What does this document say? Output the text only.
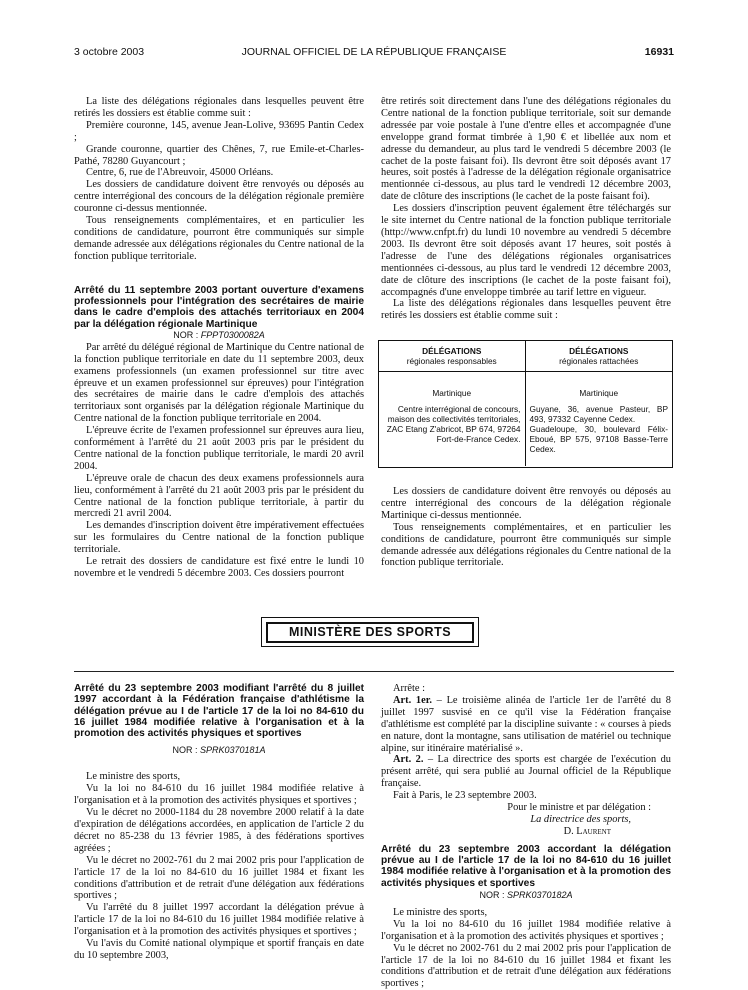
3 octobre 2003	JOURNAL OFFICIEL DE LA RÉPUBLIQUE FRANÇAISE	16931

La liste des délégations régionales dans lesquelles peuvent être retirés les dossiers est établie comme suit :

Première couronne, 145, avenue Jean-Lolive, 93695 Pantin Cedex ;

Grande couronne, quartier des Chênes, 7, rue Emile-et-Charles-Pathé, 78280 Guyancourt ;

Centre, 6, rue de l'Abreuvoir, 45000 Orléans.

Les dossiers de candidature doivent être renvoyés ou déposés au centre interrégional des concours de la délégation régionale première couronne ci-dessus mentionnée.

Tous renseignements complémentaires, et en particulier les conditions de candidature, pourront être communiqués sur simple demande adressée aux délégations régionales du Centre national de la fonction publique territoriale.

Arrêté du 11 septembre 2003 portant ouverture d'examens professionnels pour l'intégration des secrétaires de mairie dans le cadre d'emplois des attachés territoriaux en 2004 par la délégation régionale Martinique

NOR : FPPT0300082A

Par arrêté du délégué régional de Martinique du Centre national de la fonction publique territoriale en date du 11 septembre 2003, deux examens professionnels (un examen professionnel sur titre avec épreuve et un examen professionnel sur épreuves) pour l'intégration des secrétaires de mairie dans le cadre d'emplois des attachés territoriaux sont organisés par la délégation régionale Martinique du Centre national de la fonction publique territoriale en 2004.

L'épreuve écrite de l'examen professionnel sur épreuves aura lieu, conformément à l'arrêté du 21 août 2003 pris par le président du Centre national de la fonction publique territoriale, le mardi 20 avril 2004.

L'épreuve orale de chacun des deux examens professionnels aura lieu, conformément à l'arrêté du 21 août 2003 pris par le président du Centre national de la fonction publique territoriale, à partir du mercredi 21 avril 2004.

Les demandes d'inscription doivent être impérativement effectuées sur les formulaires du Centre national de la fonction publique territoriale.

Le retrait des dossiers de candidature est fixé entre le lundi 10 novembre et le vendredi 5 décembre 2003. Ces dossiers pourront

être retirés soit directement dans l'une des délégations régionales du Centre national de la fonction publique territoriale, soit sur demande adressée par voie postale à l'une d'entre elles et accompagnée d'une enveloppe grand format timbrée à 1,90 € et libellée aux nom et adresse du demandeur, au plus tard le vendredi 5 décembre 2003 (le cachet de la poste faisant foi). Ils devront être soit déposés avant 17 heures, soit postés à l'adresse de la délégation régionale organisatrice mentionnée ci-dessous, au plus tard le vendredi 12 décembre 2003, date de clôture des inscriptions (le cachet de la poste faisant foi).

Les dossiers d'inscription peuvent également être téléchargés sur le site internet du Centre national de la fonction publique territoriale (http://www.cnfpt.fr) du lundi 10 novembre au vendredi 5 décembre 2003. Ils devront être soit déposés avant 17 heures, soit postés à l'adresse de l'une des délégations régionales organisatrices mentionnées ci-dessous, au plus tard le vendredi 12 décembre 2003, date de clôture des inscriptions (le cachet de la poste faisant foi), accompagnés d'une enveloppe timbrée au tarif lettre en vigueur.

La liste des délégations régionales dans lesquelles peuvent être retirés les dossiers est établie comme suit :

DÉLÉGATIONS
régionales responsables
DÉLÉGATIONS
régionales rattachées
Martinique
Centre interrégional de concours, maison des collectivités territoriales, ZAC Etang Z'abricot, BP 674, 97264 Fort-de-France Cedex.
Martinique

Guyane, 36, avenue Pasteur, BP 493, 97332 Cayenne Cedex.

Guadeloupe, 30, boulevard Félix-Eboué, BP 575, 97108 Basse-Terre Cedex.

Les dossiers de candidature doivent être renvoyés ou déposés au centre interrégional des concours de la délégation régionale Martinique ci-dessus mentionnée.

Tous renseignements complémentaires, et en particulier les conditions de candidature, pourront être communiqués sur simple demande adressée aux délégations régionales du Centre national de la fonction publique territoriale.

MINISTÈRE DES SPORTS

Arrêté du 23 septembre 2003 modifiant l'arrêté du 8 juillet 1997 accordant à la Fédération française d'athlétisme la délégation prévue au I de l'article 17 de la loi no 84-610 du 16 juillet 1984 modifiée relative à l'organisation et à la promotion des activités physiques et sportives

NOR : SPRK0370181A

Le ministre des sports,

Vu la loi no 84-610 du 16 juillet 1984 modifiée relative à l'organisation et à la promotion des activités physiques et sportives ;

Vu le décret no 2000-1184 du 28 novembre 2000 relatif à la date d'expiration de délégations accordées, en application de l'article 2 du décret no 85-238 du 13 février 1985, à des fédérations sportives agréées ;

Vu le décret no 2002-761 du 2 mai 2002 pris pour l'application de l'article 17 de la loi no 84-610 du 16 juillet 1984 et fixant les conditions d'attribution et de retrait d'une délégation aux fédérations sportives ;

Vu l'arrêté du 8 juillet 1997 accordant la délégation prévue à l'article 17 de la loi no 84-610 du 16 juillet 1984 modifiée relative à l'organisation et à la promotion des activités physiques et sportives ;

Vu l'avis du Comité national olympique et sportif français en date du 10 septembre 2003,

Arrête :

Art. 1er. – Le troisième alinéa de l'article 1er de l'arrêté du 8 juillet 1997 susvisé en ce qu'il vise la Fédération française d'athlétisme est complété par la discipline suivante : « courses à pieds en nature, dont la montagne, sans utilisation de matériel ou technique alpine, sur itinéraire matérialisé ».

Art. 2. – La directrice des sports est chargée de l'exécution du présent arrêté, qui sera publié au Journal officiel de la République française.

Fait à Paris, le 23 septembre 2003.

Pour le ministre et par délégation :

La directrice des sports,

D. Laurent

Arrêté du 23 septembre 2003 accordant la délégation prévue au I de l'article 17 de la loi no 84-610 du 16 juillet 1984 modifiée relative à l'organisation et à la promotion des activités physiques et sportives

NOR : SPRK0370182A

Le ministre des sports,

Vu la loi no 84-610 du 16 juillet 1984 modifiée relative à l'organisation et à la promotion des activités physiques et sportives ;

Vu le décret no 2002-761 du 2 mai 2002 pris pour l'application de l'article 17 de la loi no 84-610 du 16 juillet 1984 et fixant les conditions d'attribution et de retrait d'une délégation aux fédérations sportives ;
